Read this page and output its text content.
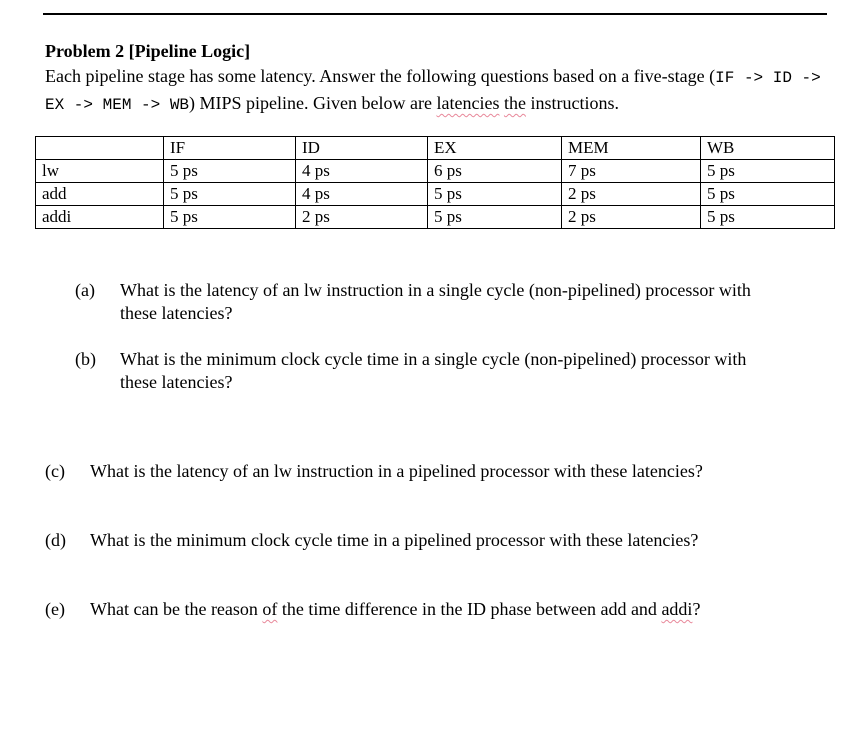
Problem 2 [Pipeline Logic]
Each pipeline stage has some latency. Answer the following questions based on a five-stage (IF -> ID -> EX -> MEM -> WB) MIPS pipeline. Given below are latencies the instructions.
	IF	ID	EX	MEM	WB
lw	5 ps	4 ps	6 ps	7 ps	5 ps
add	5 ps	4 ps	5 ps	2 ps	5 ps
addi	5 ps	2 ps	5 ps	2 ps	5 ps
(a) What is the latency of an lw instruction in a single cycle (non-pipelined) processor with
these latencies?
(b) What is the minimum clock cycle time in a single cycle (non-pipelined) processor with
these latencies?
(c) What is the latency of an lw instruction in a pipelined processor with these latencies?
(d) What is the minimum clock cycle time in a pipelined processor with these latencies?
(e) What can be the reason of the time difference in the ID phase between add and addi?
